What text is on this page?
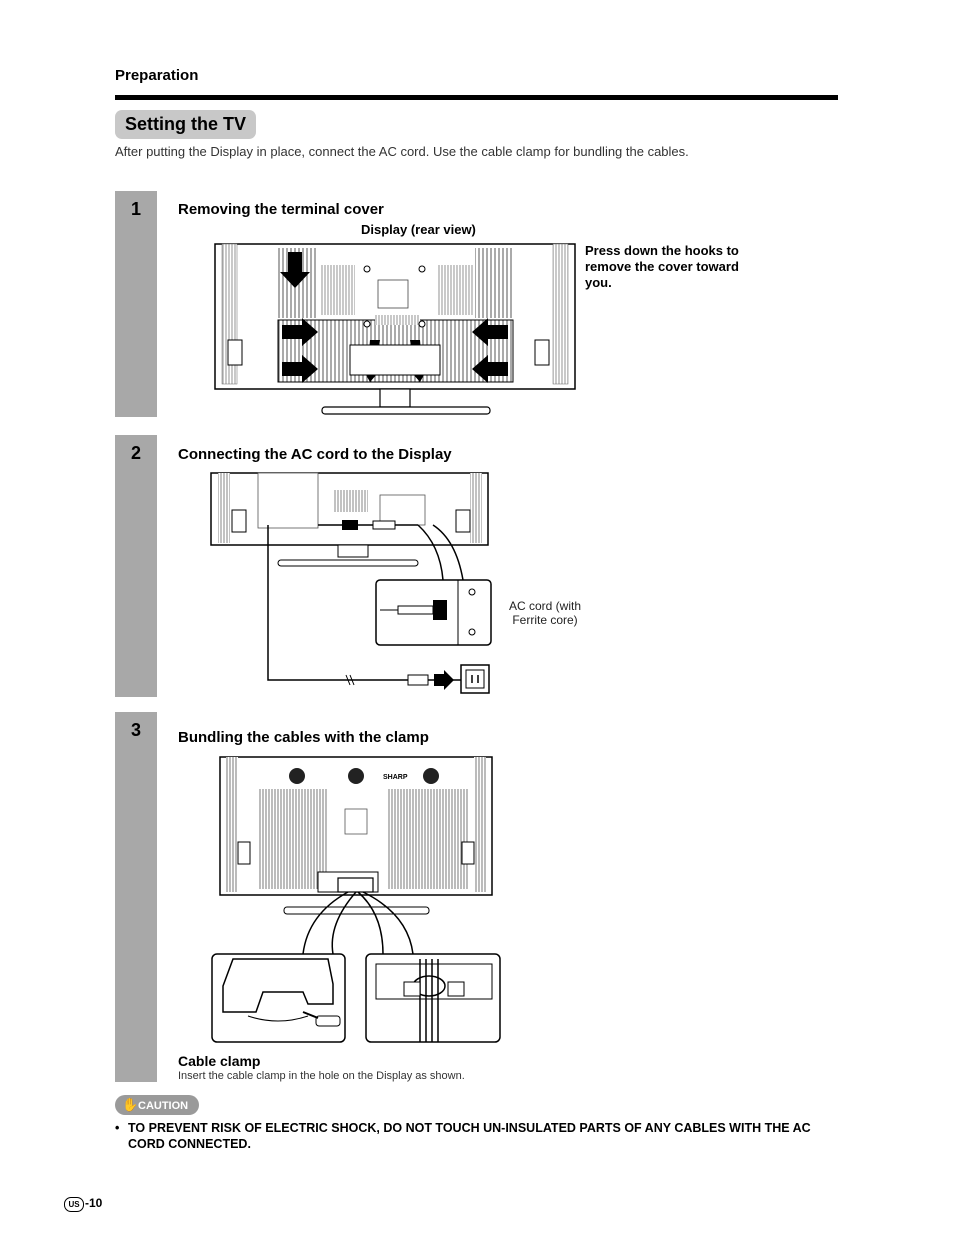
Preparation
Setting the TV
After putting the Display in place, connect the AC cord. Use the cable clamp for bundling the cables.
1
2
3
Removing the terminal cover
Display (rear view)
Press down the hooks to remove the cover toward you.
Connecting the AC cord to the Display
AC cord (with Ferrite core)
Bundling the cables with the clamp
SHARP
Cable clamp
Insert the cable clamp in the hole on the Display as shown.
✋ CAUTION
• TO PREVENT RISK OF ELECTRIC SHOCK, DO NOT TOUCH UN-INSULATED PARTS OF ANY CABLES WITH THE AC CORD CONNECTED.
US -10
